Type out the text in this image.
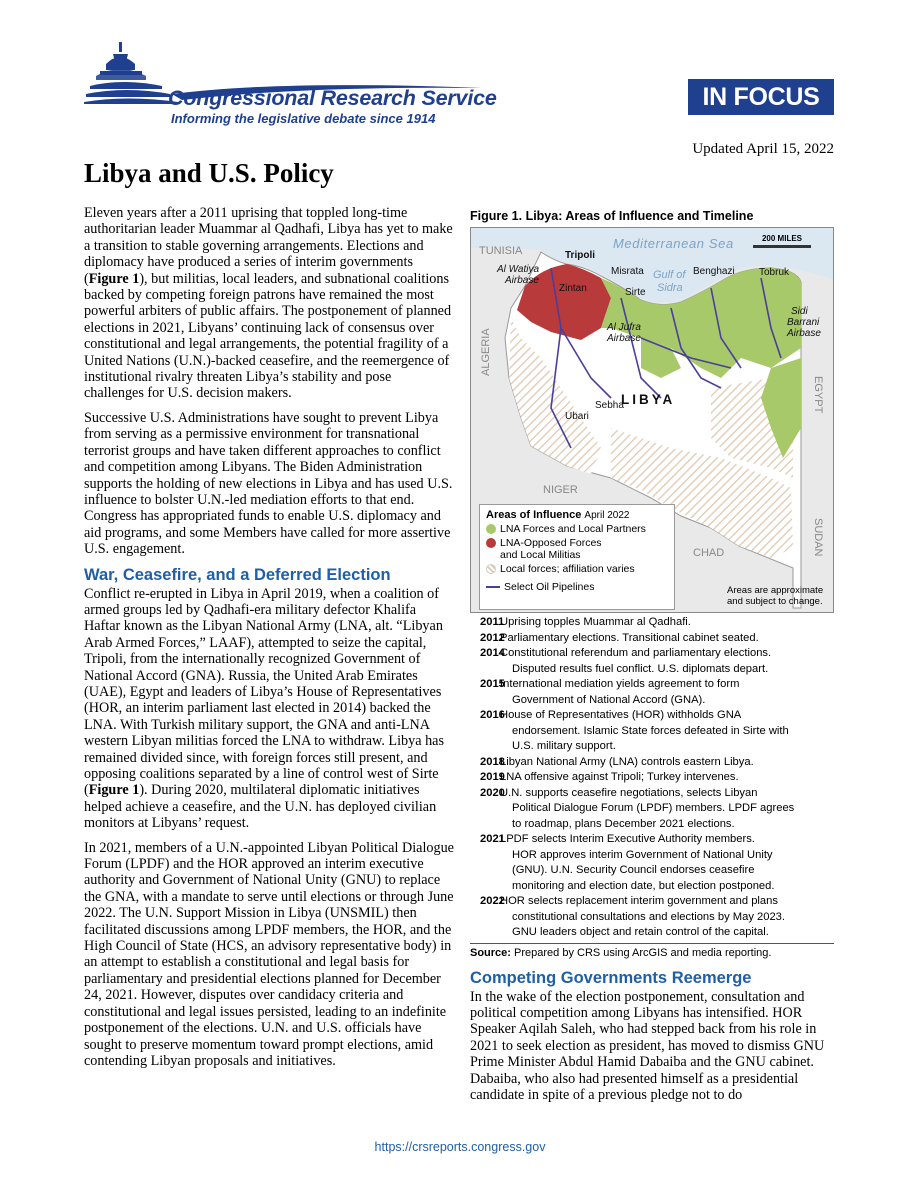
Congressional Research Service
Informing the legislative debate since 1914
IN FOCUS
Updated April 15, 2022
Libya and U.S. Policy

Eleven years after a 2011 uprising that toppled long-time authoritarian leader Muammar al Qadhafi, Libya has yet to make a transition to stable governing arrangements. Elections and diplomacy have produced a series of interim governments (Figure 1), but militias, local leaders, and subnational coalitions backed by competing foreign patrons have remained the most powerful arbiters of public affairs. The postponement of planned elections in 2021, Libyans’ continuing lack of consensus over constitutional and legal arrangements, the potential fragility of a United Nations (U.N.)-backed ceasefire, and the reemergence of institutional rivalry threaten Libya’s stability and pose challenges for U.S. decision makers.

Successive U.S. Administrations have sought to prevent Libya from serving as a permissive environment for transnational terrorist groups and have taken different approaches to conflict and competition among Libyans. The Biden Administration supports the holding of new elections in Libya and has used U.S. influence to bolster U.N.-led mediation efforts to that end. Congress has appropriated funds to enable U.S. diplomacy and aid programs, and some Members have called for more assertive U.S. engagement.

War, Ceasefire, and a Deferred Election

Conflict re-erupted in Libya in April 2019, when a coalition of armed groups led by Qadhafi-era military defector Khalifa Haftar known as the Libyan National Army (LNA, alt. “Libyan Arab Armed Forces,” LAAF), attempted to seize the capital, Tripoli, from the internationally recognized Government of National Accord (GNA). Russia, the United Arab Emirates (UAE), Egypt and leaders of Libya’s House of Representatives (HOR, an interim parliament last elected in 2014) backed the LNA. With Turkish military support, the GNA and anti-LNA western Libyan militias forced the LNA to withdraw. Libya has remained divided since, with foreign forces still present, and opposing coalitions separated by a line of control west of Sirte (Figure 1). During 2020, multilateral diplomatic initiatives helped achieve a ceasefire, and the U.N. has deployed civilian monitors at Libyans’ request.

In 2021, members of a U.N.-appointed Libyan Political Dialogue Forum (LPDF) and the HOR approved an interim executive authority and Government of National Unity (GNU) to replace the GNA, with a mandate to serve until elections or through June 2022. The U.N. Support Mission in Libya (UNSMIL) then facilitated discussions among LPDF members, the HOR, and the High Council of State (HCS, an advisory representative body) in an attempt to establish a constitutional and legal basis for parliamentary and presidential elections planned for December 24, 2021. However, disputes over candidacy criteria and constitutional and legal issues persisted, leading to an indefinite postponement of the elections. U.N. and U.S. officials have sought to preserve momentum toward prompt elections, amid contending Libyan proposals and initiatives.

Figure 1. Libya: Areas of Influence and Timeline
200 MILES
TUNISIA
ALGERIA
NIGER
CHAD
EGYPT
SUDAN
Mediterranean Sea
Gulf of
Sidra
LIBYA
Tripoli
Misrata	Benghazi Tobruk
Sirte
Zintan
Sebha
Ubari
Al Watiya
Airbase
Al Jufra
Airbase
Sidi
Barrani
Airbase
Areas of Influence April 2022
LNA Forces and Local Partners
LNA-Opposed Forces
and Local Militias
Local forces; affiliation varies
Select Oil Pipelines	Areas are approximate
and subject to change.
2011
Uprising topples Muammar al Qadhafi.
2012
Parliamentary elections. Transitional cabinet seated.
2014
Constitutional referendum and parliamentary elections.
Disputed results fuel conflict. U.S. diplomats depart.
2015
International mediation yields agreement to form
Government of National Accord (GNA).
2016
House of Representatives (HOR) withholds GNA
endorsement. Islamic State forces defeated in Sirte with
U.S. military support.
2018
Libyan National Army (LNA) controls eastern Libya.
2019
LNA offensive against Tripoli; Turkey intervenes.
2020
U.N. supports ceasefire negotiations, selects Libyan
Political Dialogue Forum (LPDF) members. LPDF agrees
to roadmap, plans December 2021 elections.
2021
LPDF selects Interim Executive Authority members.
HOR approves interim Government of National Unity
(GNU). U.N. Security Council endorses ceasefire
monitoring and election date, but election postponed.
2022
HOR selects replacement interim government and plans
constitutional consultations and elections by May 2023.
GNU leaders object and retain control of the capital.
Source: Prepared by CRS using ArcGIS and media reporting.
Competing Governments Reemerge

In the wake of the election postponement, consultation and political competition among Libyans has intensified. HOR Speaker Aqilah Saleh, who had stepped back from his role in 2021 to seek election as president, has moved to dismiss GNU Prime Minister Abdul Hamid Dabaiba and the GNU cabinet. Dabaiba, who also had presented himself as a presidential candidate in spite of a previous pledge not to do

https://crsreports.congress.gov
